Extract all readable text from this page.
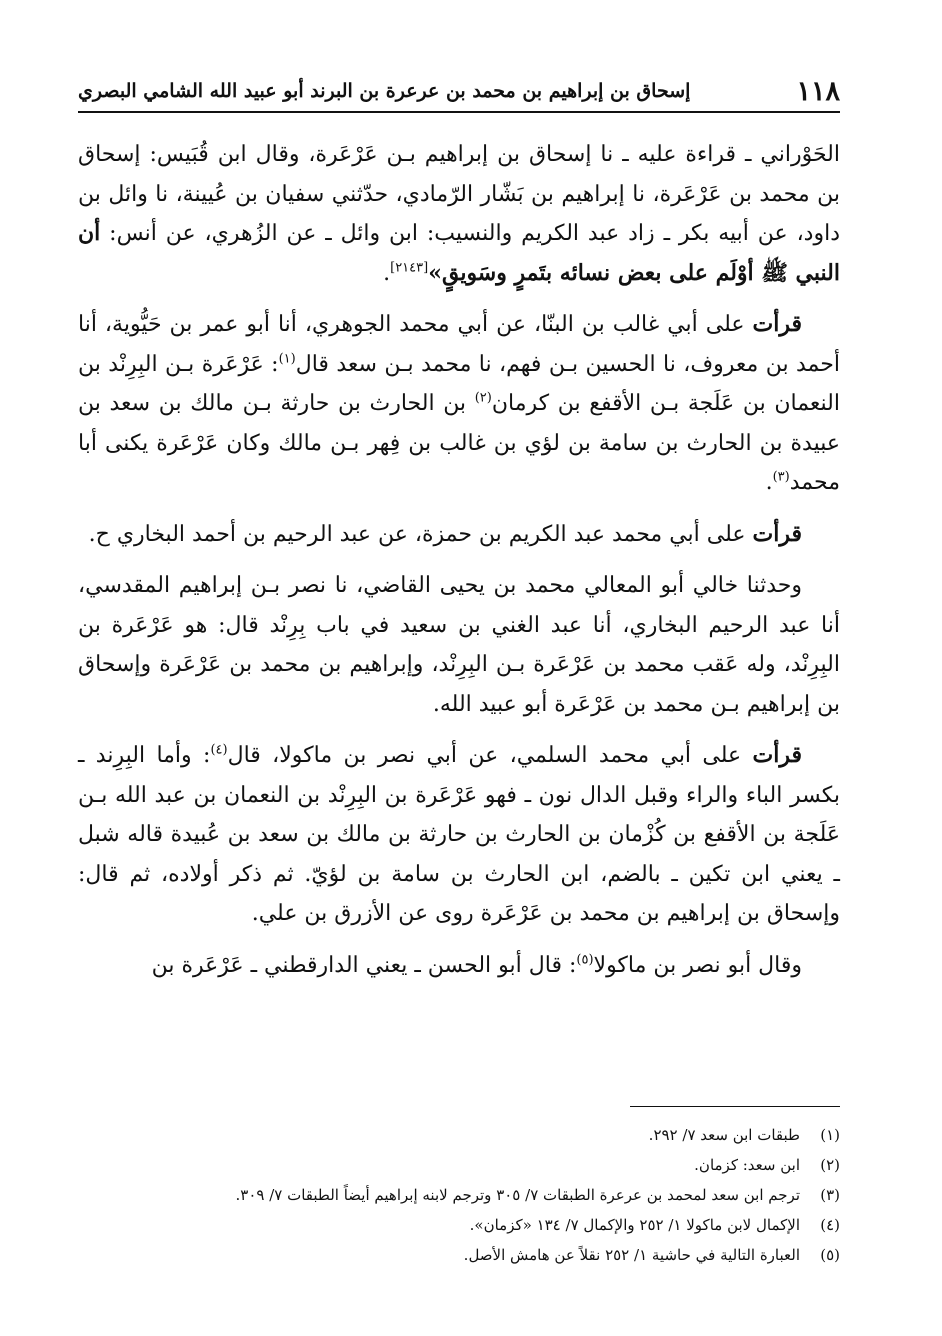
١١٨
إسحاق بن إبراهيم بن محمد بن عرعرة بن البرند أبو عبيد الله الشامي البصري

الحَوْراني ـ قراءة عليه ـ نا إسحاق بن إبراهيم بـن عَرْعَرة، وقال ابن قُبَيس: إسحاق بن محمد بن عَرْعَرة، نا إبراهيم بن بَشّار الرّمادي، حدّثني سفيان بن عُيينة، نا وائل بن داود، عن أبيه بكر ـ زاد عبد الكريم والنسيب: ابن وائل ـ عن الزُهري، عن أنس: أن النبي ﷺ أوْلَم على بعض نسائه بتَمرٍ وسَويقٍ»[٢١٤٣].

قرأت على أبي غالب بن البنّا، عن أبي محمد الجوهري، أنا أبو عمر بن حَيُّوية، أنا أحمد بن معروف، نا الحسين بـن فهم، نا محمد بـن سعد قال$^{(١)}$: عَرْعَرة بـن البِرِنْد بن النعمان بن عَلَجة بـن الأقفع بن كرمان$^{(٢)}$ بن الحارث بن حارثة بـن مالك بن سعد بن عبيدة بن الحارث بن سامة بن لؤي بن غالب بن فِهر بـن مالك وكان عَرْعَرة يكنى أبا محمد$^{(٣)}$.

قرأت على أبي محمد عبد الكريم بن حمزة، عن عبد الرحيم بن أحمد البخاري ح.

وحدثنا خالي أبو المعالي محمد بن يحيى القاضي، نا نصر بـن إبراهيم المقدسي، أنا عبد الرحيم البخاري، أنا عبد الغني بن سعيد في باب بِرِنْد قال: هو عَرْعَرة بن البِرِنْد، وله عَقب محمد بن عَرْعَرة بـن البِرِنْد، وإبراهيم بن محمد بن عَرْعَرة وإسحاق بن إبراهيم بـن محمد بن عَرْعَرة أبو عبيد الله.

قرأت على أبي محمد السلمي، عن أبي نصر بن ماكولا، قال$^{(٤)}$: وأما البِرِند ـ بكسر الباء والراء وقبل الدال نون ـ فهو عَرْعَرة بن البِرِنْد بن النعمان بن عبد الله بـن عَلَجة بن الأقفع بن كُزْمان بن الحارث بن حارثة بن مالك بن سعد بن عُبيدة قاله شبل ـ يعني ابن تكين ـ بالضم، ابن الحارث بن سامة بن لؤيّ. ثم ذكر أولاده، ثم قال: وإسحاق بن إبراهيم بن محمد بن عَرْعَرة روى عن الأزرق بن علي.

وقال أبو نصر بن ماكولا$^{(٥)}$: قال أبو الحسن ـ يعني الدارقطني ـ عَرْعَرة بن

(١)
طبقات ابن سعد ٧/ ٢٩٢.
(٢)
ابن سعد: كزمان.
(٣)
ترجم ابن سعد لمحمد بن عرعرة الطبقات ٧/ ٣٠٥ وترجم لابنه إبراهيم أيضاً الطبقات ٧/ ٣٠٩.
(٤)
الإكمال لابن ماكولا ١/ ٢٥٢ والإكمال ٧/ ١٣٤ «كزمان».
(٥)
العبارة التالية في حاشية ١/ ٢٥٢ نقلاً عن هامش الأصل.
